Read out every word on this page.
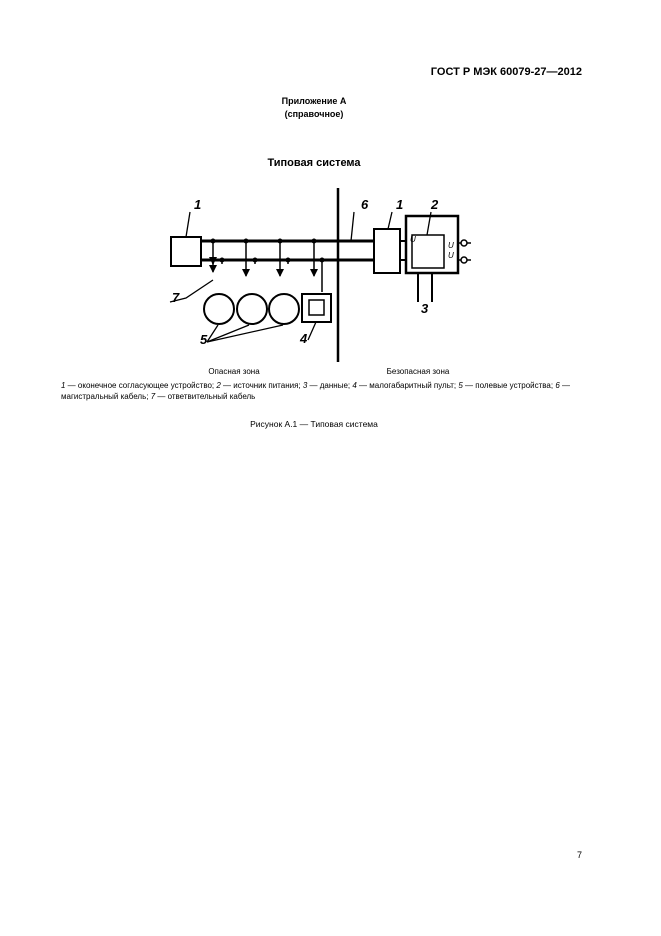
ГОСТ Р МЭК 60079-27—2012
Приложение А
(справочное)
Типовая система
1	6 1 2
7
5	4
3
U
U
U
Опасная зона	Безопасная зона
1 — оконечное согласующее устройство; 2 — источник питания; 3 — данные; 4 — малогабаритный пульт; 5 — полевые устройства; 6 — магистральный кабель; 7 — ответвительный кабель
Рисунок А.1 — Типовая система
7
